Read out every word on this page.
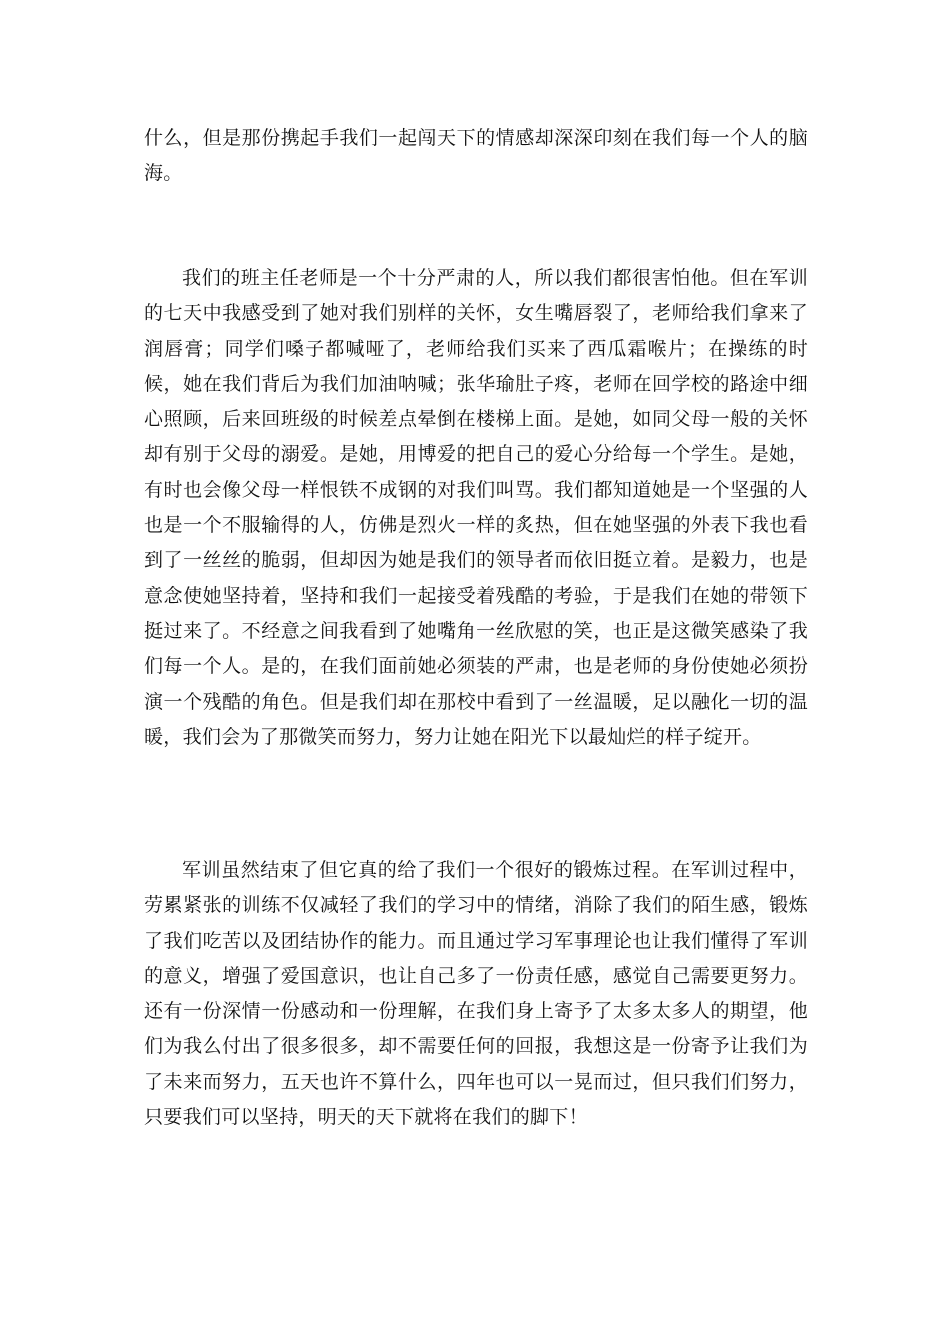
什么，但是那份携起手我们一起闯天下的情感却深深印刻在我们每一个人的脑海。

我们的班主任老师是一个十分严肃的人，所以我们都很害怕他。但在军训的七天中我感受到了她对我们别样的关怀，女生嘴唇裂了，老师给我们拿来了润唇膏；同学们嗓子都喊哑了，老师给我们买来了西瓜霜喉片；在操练的时候，她在我们背后为我们加油呐喊；张华瑜肚子疼，老师在回学校的路途中细心照顾，后来回班级的时候差点晕倒在楼梯上面。是她，如同父母一般的关怀却有别于父母的溺爱。是她，用博爱的把自己的爱心分给每一个学生。是她，有时也会像父母一样恨铁不成钢的对我们叫骂。我们都知道她是一个坚强的人也是一个不服输得的人，仿佛是烈火一样的炙热，但在她坚强的外表下我也看到了一丝丝的脆弱，但却因为她是我们的领导者而依旧挺立着。是毅力，也是意念使她坚持着，坚持和我们一起接受着残酷的考验，于是我们在她的带领下挺过来了。不经意之间我看到了她嘴角一丝欣慰的笑，也正是这微笑感染了我们每一个人。是的，在我们面前她必须装的严肃，也是老师的身份使她必须扮演一个残酷的角色。但是我们却在那校中看到了一丝温暖，足以融化一切的温暖，我们会为了那微笑而努力，努力让她在阳光下以最灿烂的样子绽开。

军训虽然结束了但它真的给了我们一个很好的锻炼过程。在军训过程中，劳累紧张的训练不仅减轻了我们的学习中的情绪，消除了我们的陌生感，锻炼了我们吃苦以及团结协作的能力。而且通过学习军事理论也让我们懂得了军训的意义，增强了爱国意识，也让自己多了一份责任感，感觉自己需要更努力。还有一份深情一份感动和一份理解，在我们身上寄予了太多太多人的期望，他们为我么付出了很多很多，却不需要任何的回报，我想这是一份寄予让我们为了未来而努力，五天也许不算什么，四年也可以一晃而过，但只我们们努力，只要我们可以坚持，明天的天下就将在我们的脚下！
